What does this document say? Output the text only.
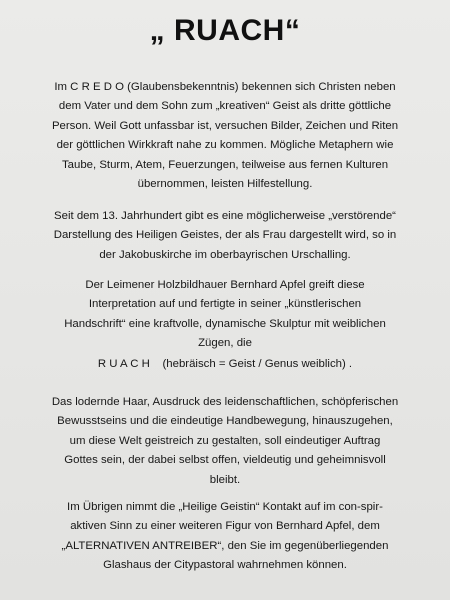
„ RUACH“

Im C R E D O (Glaubensbekenntnis) bekennen sich Christen neben
dem Vater und dem Sohn zum „kreativen“ Geist als dritte göttliche
Person. Weil Gott unfassbar ist, versuchen Bilder, Zeichen und Riten
der göttlichen Wirkkraft nahe zu kommen. Mögliche Metaphern wie
Taube, Sturm, Atem, Feuerzungen, teilweise aus fernen Kulturen
übernommen, leisten Hilfestellung.

Seit dem 13. Jahrhundert gibt es eine möglicherweise „verstörende“
Darstellung des Heiligen Geistes, der als Frau dargestellt wird, so in
der Jakobuskirche im oberbayrischen Urschalling.

Der Leimener Holzbildhauer Bernhard Apfel greift diese
Interpretation auf und fertigte in seiner „künstlerischen
Handschrift“ eine kraftvolle, dynamische Skulptur mit weiblichen
Zügen, die

R U A C H (hebräisch = Geist / Genus weiblich) .

Das lodernde Haar, Ausdruck des leidenschaftlichen, schöpferischen
Bewusstseins und die eindeutige Handbewegung, hinauszugehen,
um diese Welt geistreich zu gestalten, soll eindeutiger Auftrag
Gottes sein, der dabei selbst offen, vieldeutig und geheimnisvoll
bleibt.

Im Übrigen nimmt die „Heilige Geistin“ Kontakt auf im con-spir-
aktiven Sinn zu einer weiteren Figur von Bernhard Apfel, dem
„ALTERNATIVEN ANTREIBER“, den Sie im gegenüberliegenden
Glashaus der Citypastoral wahrnehmen können.
